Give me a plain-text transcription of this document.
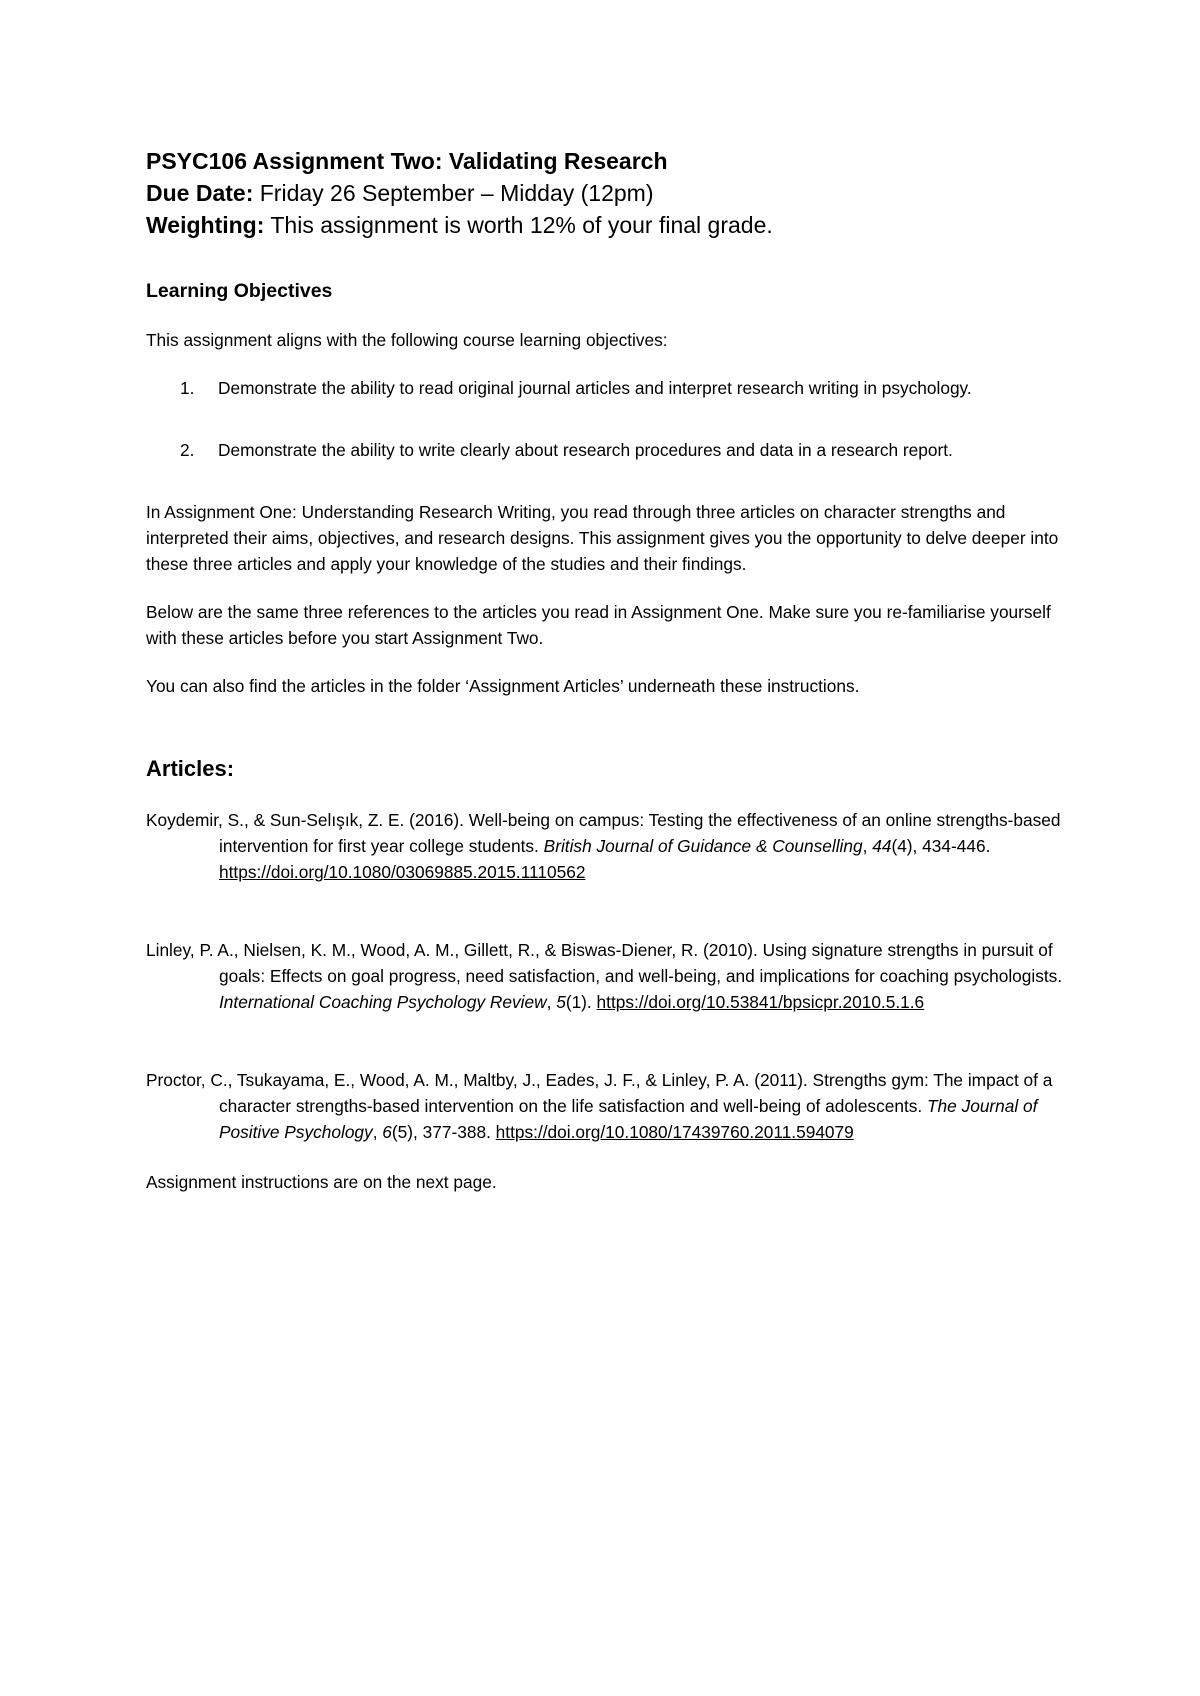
PSYC106 Assignment Two: Validating Research
Due Date: Friday 26 September – Midday (12pm)
Weighting: This assignment is worth 12% of your final grade.
Learning Objectives

This assignment aligns with the following course learning objectives:

1. Demonstrate the ability to read original journal articles and interpret research writing in psychology.
2. Demonstrate the ability to write clearly about research procedures and data in a research report.

In Assignment One: Understanding Research Writing, you read through three articles on character strengths and interpreted their aims, objectives, and research designs. This assignment gives you the opportunity to delve deeper into these three articles and apply your knowledge of the studies and their findings.

Below are the same three references to the articles you read in Assignment One. Make sure you re-familiarise yourself with these articles before you start Assignment Two.

You can also find the articles in the folder ‘Assignment Articles’ underneath these instructions.

Articles:

Koydemir, S., & Sun-Selışık, Z. E. (2016). Well-being on campus: Testing the effectiveness of an online strengths-based intervention for first year college students. British Journal of Guidance & Counselling, 44(4), 434-446. https://doi.org/10.1080/03069885.2015.1110562

Linley, P. A., Nielsen, K. M., Wood, A. M., Gillett, R., & Biswas-Diener, R. (2010). Using signature strengths in pursuit of goals: Effects on goal progress, need satisfaction, and well-being, and implications for coaching psychologists. International Coaching Psychology Review, 5(1). https://doi.org/10.53841/bpsicpr.2010.5.1.6

Proctor, C., Tsukayama, E., Wood, A. M., Maltby, J., Eades, J. F., & Linley, P. A. (2011). Strengths gym: The impact of a character strengths-based intervention on the life satisfaction and well-being of adolescents. The Journal of Positive Psychology, 6(5), 377-388. https://doi.org/10.1080/17439760.2011.594079

Assignment instructions are on the next page.
